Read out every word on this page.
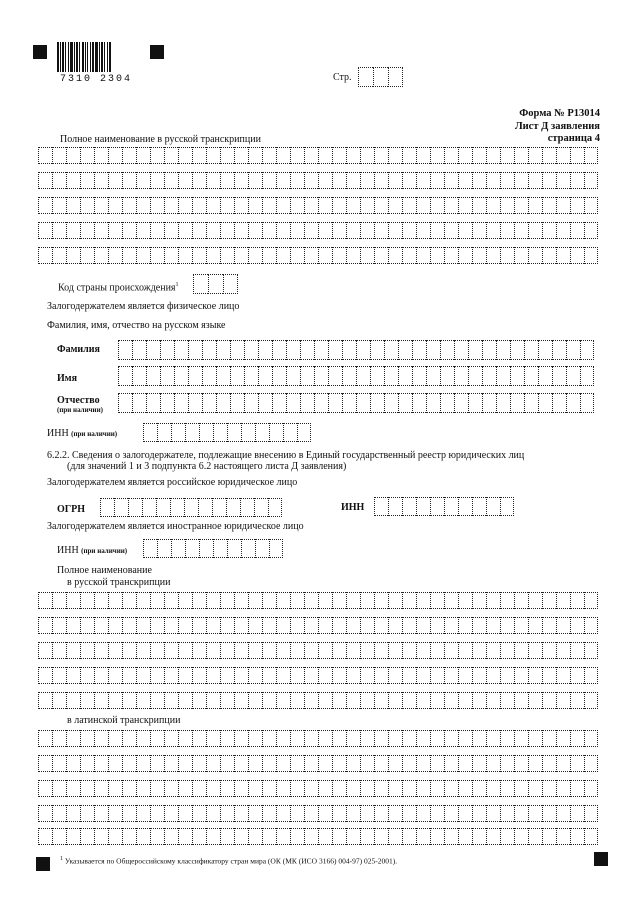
7310 2304	Стр.
Форма № Р13014
Лист Д заявления
страница 4
Полное наименование в русской транскрипции
Код страны происхождения$^1$
Залогодержателем является физическое лицо
Фамилия, имя, отчество на русском языке
Фамилия
Имя
Отчество
(при наличии)
ИНН (при наличии)
6.2.2. Сведения о залогодержателе, подлежащие внесению в Единый государственный реестр юридических лиц
(для значений 1 и 3 подпункта 6.2 настоящего листа Д заявления)
Залогодержателем является российское юридическое лицо
ОГРН	ИНН
Залогодержателем является иностранное юридическое лицо
ИНН (при наличии)
Полное наименование
в русской транскрипции
в латинской транскрипции
$^1$ Указывается по Общероссийскому классификатору стран мира (ОК (МК (ИСО 3166) 004-97) 025-2001).
